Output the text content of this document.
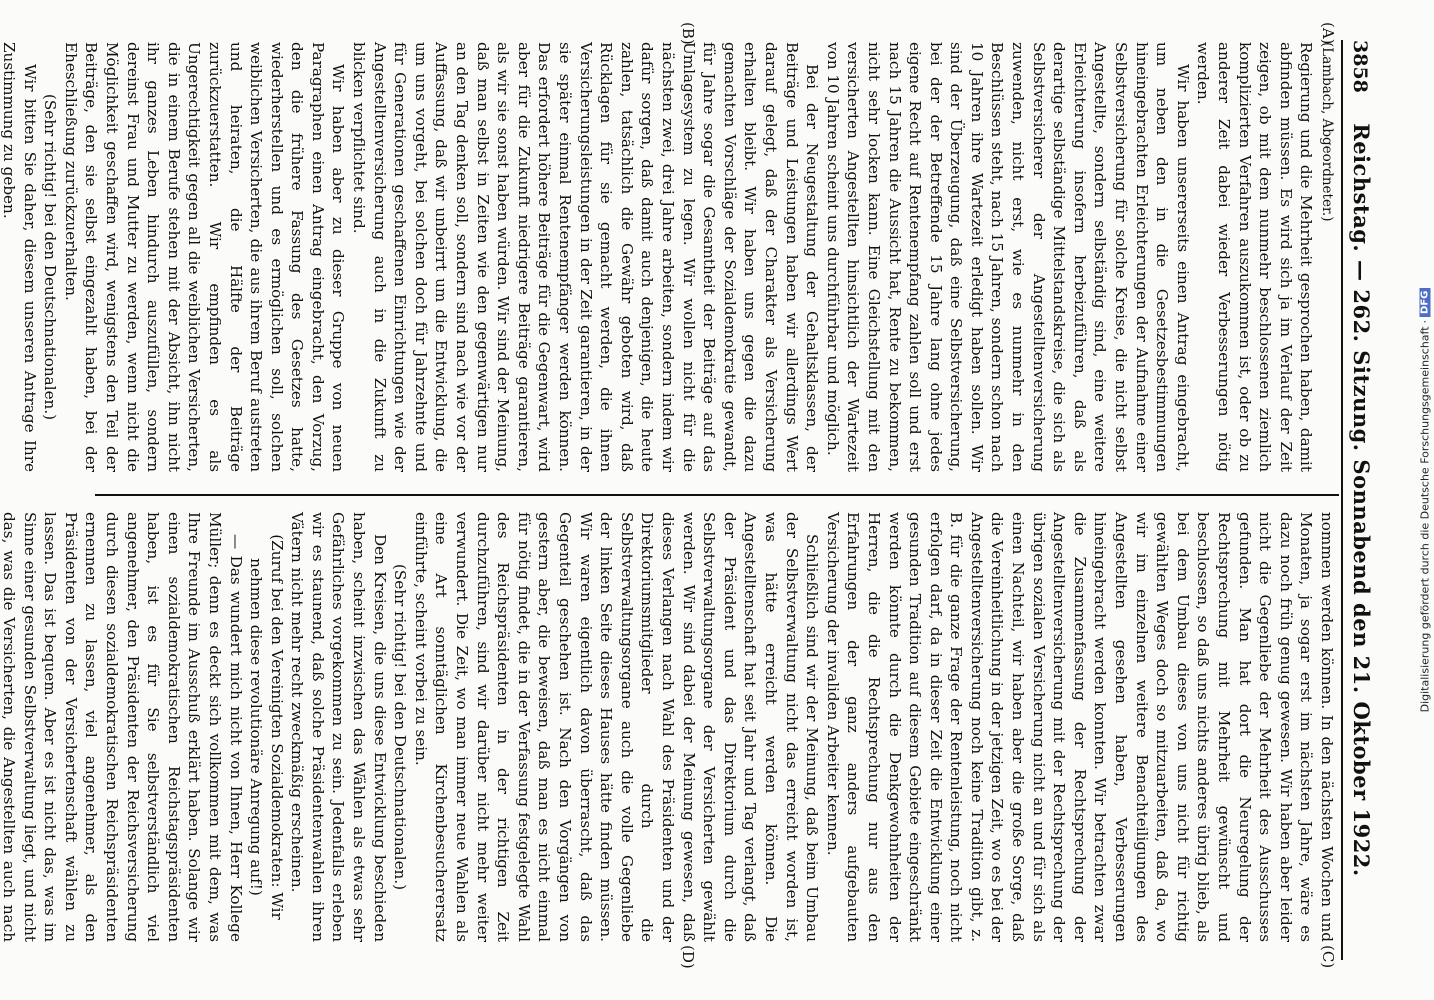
3858
Reichstag. — 262. Sitzung. Sonnabend den 21. Oktober 1922.
(A)
(B)
(C)
(D)

(Lambach, Abgeordneter.)

Regierung und die Mehrheit gesprochen haben, damit abfinden müssen. Es wird sich ja im Verlauf der Zeit zeigen, ob mit dem nunmehr beschlossenen ziemlich komplizierten Verfahren auszukommen ist, oder ob zu anderer Zeit dabei wieder Verbesserungen nötig werden.

Wir haben unsererseits einen Antrag eingebracht, um neben den in die Gesetzesbestimmungen hineingebrachten Erleichterungen der Aufnahme einer Selbstversicherung für solche Kreise, die nicht selbst Angestellte, sondern selbständig sind, eine weitere Erleichterung insofern herbeizuführen, daß als derartige selbständige Mittelstandskreise, die sich als Selbstversicherer der Angestelltenversicherung zuwenden, nicht erst, wie es nunmehr in den Beschlüssen steht, nach 15 Jahren, sondern schon nach 10 Jahren ihre Wartezeit erledigt haben sollen. Wir sind der Überzeugung, daß eine Selbstversicherung, bei der der Betreffende 15 Jahre lang ohne jedes eigene Recht auf Rentenempfang zahlen soll und erst nach 15 Jahren die Aussicht hat, Rente zu bekommen, nicht sehr locken kann. Eine Gleichstellung mit den versicherten Angestellten hinsichtlich der Wartezeit von 10 Jahren scheint uns durchführbar und möglich.

Bei der Neugestaltung der Gehaltsklassen, der Beiträge und Leistungen haben wir allerdings Wert darauf gelegt, daß der Charakter als Versicherung erhalten bleibt. Wir haben uns gegen die dazu gemachten Vorschläge der Sozialdemokratie gewandt, für Jahre sogar die Gesamtheit der Beiträge auf das Umlagesystem zu legen. Wir wollen nicht für die nächsten zwei, drei Jahre arbeiten, sondern indem wir dafür sorgen, daß damit auch denjenigen, die heute zahlen, tatsächlich die Gewähr geboten wird, daß Rücklagen für sie gemacht werden, die ihnen Versicherungsleistungen in der Zeit garantieren, in der sie später einmal Rentenempfänger werden können. Das erfordert höhere Beiträge für die Gegenwart, wird aber für die Zukunft niedrigere Beiträge garantieren, als wir sie sonst haben würden. Wir sind der Meinung, daß man selbst in Zeiten wie den gegenwärtigen nur an den Tag denken soll, sondern sind nach wie vor der Auffassung, daß wir unbeirrt um die Entwicklung, die um uns vorgeht, bei solchen doch für Jahrzehnte und für Generationen geschaffenen Einrichtungen wie der Angestelltenversicherung auch in die Zukunft zu blicken verpflichtet sind.

Wir haben aber zu dieser Gruppe von neuen Paragraphen einen Antrag eingebracht, den Vorzug, den die frühere Fassung des Gesetzes hatte, wiederherstellen und es ermöglichen soll, solchen weiblichen Versicherten, die aus ihrem Beruf austreten und heiraten, die Hälfte der Beiträge zurückzuerstatten. Wir empfinden es als Ungerechtigkeit gegen all die weiblichen Versicherten, die in einem Berufe stehen mit der Absicht, ihn nicht ihr ganzes Leben hindurch auszufüllen, sondern dereinst Frau und Mutter zu werden, wenn nicht die Möglichkeit geschaffen wird, wenigstens den Teil der Beiträge, den sie selbst eingezahlt haben, bei der Eheschließung zurückzuerhalten.

(Sehr richtig! bei den Deutschnationalen.)

Wir bitten Sie daher, diesem unseren Antrage Ihre Zustimmung zu geben.

nommen werden können. In den nächsten Wochen und Monaten, ja sogar erst im nächsten Jahre, wäre es dazu noch früh genug gewesen. Wir haben aber leider nicht die Gegenliebe der Mehrheit des Ausschusses gefunden. Man hat dort die Neuregelung der Rechtsprechung mit Mehrheit gewünscht und beschlossen, so daß uns nichts anderes übrig blieb, als bei dem Umbau dieses von uns nicht für richtig gewählten Weges doch so mitzuarbeiten, daß da, wo wir im einzelnen weitere Benachteiligungen des Angestellten gesehen haben, Verbesserungen hineingebracht werden konnten. Wir betrachten zwar die Zusammenfassung der Rechtsprechung der Angestelltenversicherung mit der Rechtsprechung der übrigen sozialen Versicherung nicht an und für sich als einen Nachteil, wir haben aber die große Sorge, daß die Vereinheitlichung in der jetzigen Zeit, wo es bei der Angestelltenversicherung noch keine Tradition gibt, z. B. für die ganze Frage der Rentenleistung, noch nicht erfolgen darf, da in dieser Zeit die Entwicklung einer gesunden Tradition auf diesem Gebiete eingeschränkt werden könnte durch die Denkgewohnheiten der Herren, die die Rechtsprechung nur aus den Erfahrungen der ganz anders aufgebauten Versicherung der invaliden Arbeiter kennen.

Schließlich sind wir der Meinung, daß beim Umbau der Selbstverwaltung nicht das erreicht worden ist, was hätte erreicht werden können. Die Angestelltenschaft hat seit Jahr und Tag verlangt, daß der Präsident und das Direktorium durch die Selbstverwaltungsorgane der Versicherten gewählt werden. Wir sind dabei der Meinung gewesen, daß dieses Verlangen nach Wahl des Präsidenten und der Direktoriumsmitglieder durch die Selbstverwaltungsorgane auch die volle Gegenliebe der linken Seite dieses Hauses hätte finden müssen. Wir waren eigentlich davon überrascht, daß das Gegenteil geschehen ist. Nach den Vorgängen von gestern aber, die beweisen, daß man es nicht einmal für nötig findet, die in der Verfassung festgelegte Wahl des Reichspräsidenten in der richtigen Zeit durchzuführen, sind wir darüber nicht mehr weiter verwundert. Die Zeit, wo man immer neue Wahlen als eine Art sonntäglichen Kirchenbesucherersatz einführte, scheint vorbei zu sein.

(Sehr richtig! bei den Deutschnationalen.)

Den Kreisen, die uns diese Entwicklung beschieden haben, scheint inzwischen das Wählen als etwas sehr Gefährliches vorgekommen zu sein. Jedenfalls erleben wir es staunend, daß solche Präsidentenwahlen ihren Vätern nicht mehr recht zweckmäßig erscheinen.

(Zuruf bei den Vereinigten Sozialdemokraten: Wir nehmen diese revolutionäre Anregung auf!)

— Das wundert mich nicht von Ihnen, Herr Kollege Müller; denn es deckt sich vollkommen mit dem, was Ihre Freunde im Ausschuß erklärt haben. Solange wir einen sozialdemokratischen Reichstagspräsidenten haben, ist es für Sie selbstverständlich viel angenehmer, den Präsidenten der Reichsversicherung durch diesen sozialdemokratischen Reichspräsidenten ernennen zu lassen, viel angenehmer, als den Präsidenten von der Versichertenschaft wählen zu lassen. Das ist bequem. Aber es ist nicht das, was im Sinne einer gesunden Selbstverwaltung liegt, und nicht das, was die Versicherten, die Angestellten auch nach

Digitalisierung gefördert durch die Deutsche Forschungsgemeinschaft
·
DFG
